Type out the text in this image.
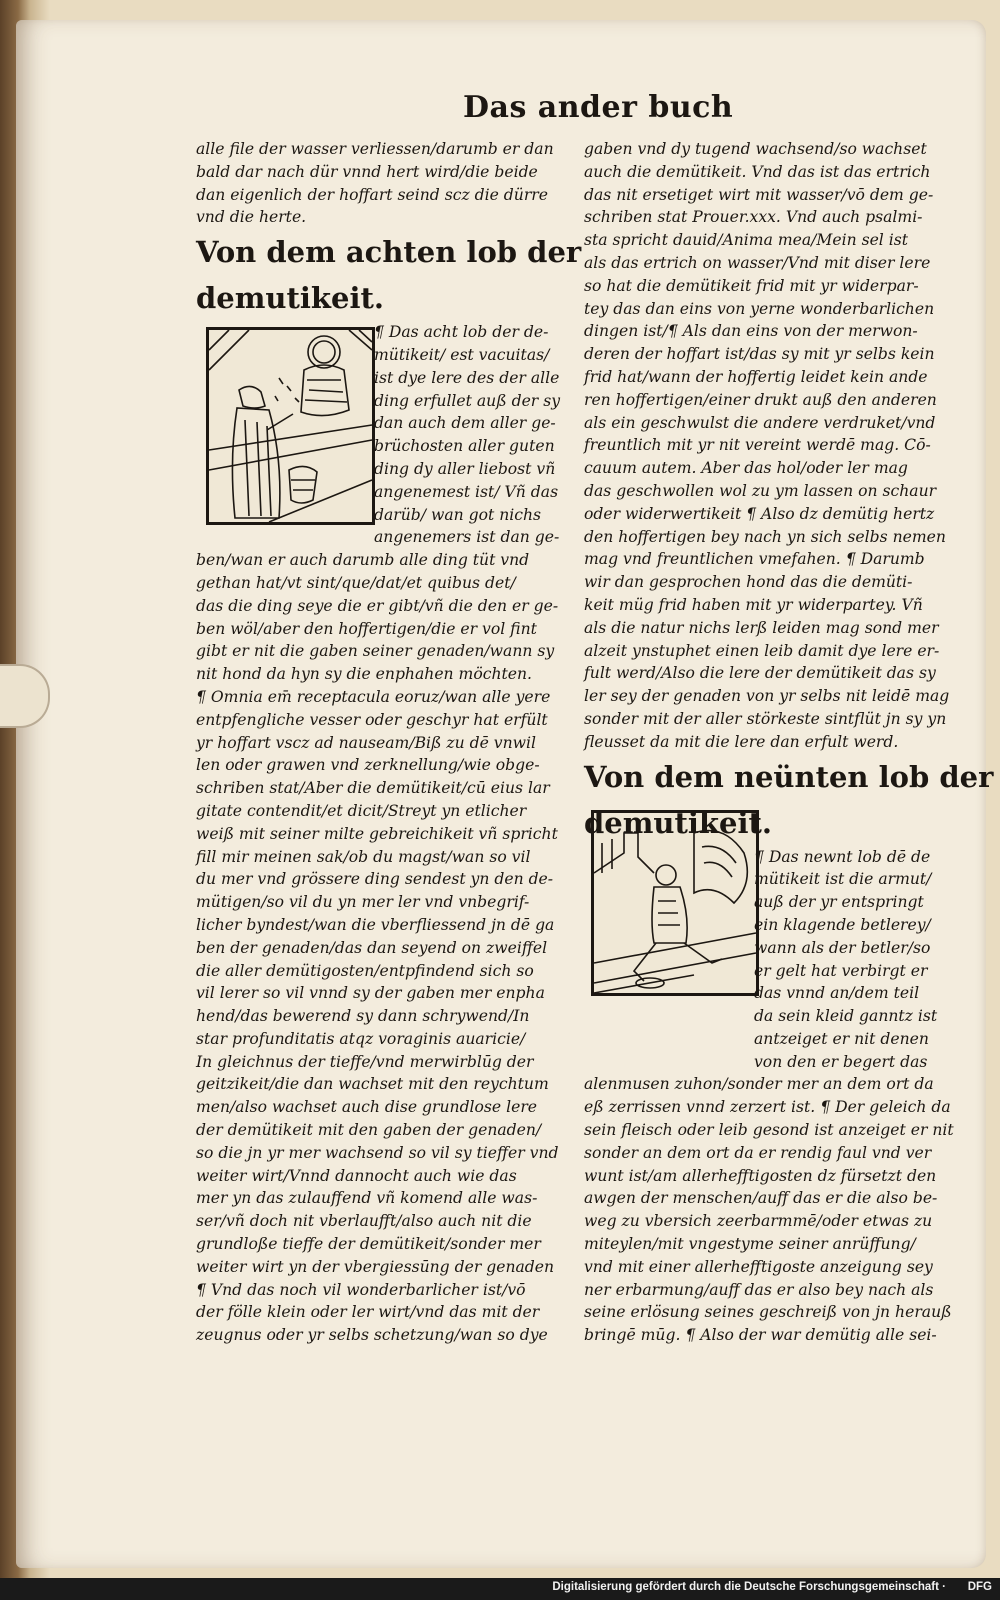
Das ander buch
alle file der wasser verliessen/darumb er dan
bald dar nach dür vnnd hert wird/die beide
dan eigenlich der hoffart seind scz die dürre
vnd die herte.
Von dem achten lob der
demutikeit.
¶ Das acht lob der de-
mütikeit/ est vacuitas/
ist dye lere des der alle
ding erfullet auß der sy
dan auch dem aller ge-
brüchosten aller guten
ding dy aller liebost vñ
angenemest ist/ Vñ das
darüb/ wan got nichs
angenemers ist dan ge-
ben/wan er auch darumb alle ding tüt vnd
gethan hat/vt sint/que/dat/et quibus det/
das die ding seye die er gibt/vñ die den er ge-
ben wöl/aber den hoffertigen/die er vol fint
gibt er nit die gaben seiner genaden/wann sy
nit hond da hyn sy die enphahen möchten.
¶ Omnia em̄ receptacula eoruz/wan alle yere
entpfengliche vesser oder geschyr hat erfült
yr hoffart vscz ad nauseam/Biß zu dē vnwil
len oder grawen vnd zerknellung/wie obge-
schriben stat/Aber die demütikeit/cū eius lar
gitate contendit/et dicit/Streyt yn etlicher
weiß mit seiner milte gebreichikeit vñ spricht
fill mir meinen sak/ob du magst/wan so vil
du mer vnd grössere ding sendest yn den de-
mütigen/so vil du yn mer ler vnd vnbegrif-
licher byndest/wan die vberfliessend jn dē ga
ben der genaden/das dan seyend on zweiffel
die aller demütigosten/entpfindend sich so
vil lerer so vil vnnd sy der gaben mer enpha
hend/das bewerend sy dann schrywend/In
star profunditatis atqz voraginis auaricie/
In gleichnus der tieffe/vnd merwirblūg der
geitzikeit/die dan wachset mit den reychtum
men/also wachset auch dise grundlose lere
der demütikeit mit den gaben der genaden/
so die jn yr mer wachsend so vil sy tieffer vnd
weiter wirt/Vnnd dannocht auch wie das
mer yn das zulauffend vñ komend alle was-
ser/vñ doch nit vberlaufft/also auch nit die
grundloße tieffe der demütikeit/sonder mer
weiter wirt yn der vbergiessūng der genaden
¶ Vnd das noch vil wonderbarlicher ist/vō
der fölle klein oder ler wirt/vnd das mit der
zeugnus oder yr selbs schetzung/wan so dye
gaben vnd dy tugend wachsend/so wachset
auch die demütikeit. Vnd das ist das ertrich
das nit ersetiget wirt mit wasser/vō dem ge-
schriben stat Prouer.xxx. Vnd auch psalmi-
sta spricht dauid/Anima mea/Mein sel ist
als das ertrich on wasser/Vnd mit diser lere
so hat die demütikeit frid mit yr widerpar-
tey das dan eins von yerne wonderbarlichen
dingen ist/¶ Als dan eins von der merwon-
deren der hoffart ist/das sy mit yr selbs kein
frid hat/wann der hoffertig leidet kein ande
ren hoffertigen/einer drukt auß den anderen
als ein geschwulst die andere verdruket/vnd
freuntlich mit yr nit vereint werdē mag. Cō-
cauum autem. Aber das hol/oder ler mag
das geschwollen wol zu ym lassen on schaur
oder widerwertikeit ¶ Also dz demütig hertz
den hoffertigen bey nach yn sich selbs nemen
mag vnd freuntlichen vmefahen. ¶ Darumb
wir dan gesprochen hond das die demüti-
keit müg frid haben mit yr widerpartey. Vñ
als die natur nichs lerß leiden mag sond mer
alzeit ynstuphet einen leib damit dye lere er-
fult werd/Also die lere der demütikeit das sy
ler sey der genaden von yr selbs nit leidē mag
sonder mit der aller störkeste sintflüt jn sy yn
fleusset da mit die lere dan erfult werd.
Von dem neünten lob der
demutikeit.
¶ Das newnt lob dē de
mütikeit ist die armut/
auß der yr entspringt
ein klagende betlerey/
wann als der betler/so
er gelt hat verbirgt er
das vnnd an/dem teil
da sein kleid ganntz ist
antzeiget er nit denen
von den er begert das
alenmusen zuhon/sonder mer an dem ort da
eß zerrissen vnnd zerzert ist. ¶ Der geleich da
sein fleisch oder leib gesond ist anzeiget er nit
sonder an dem ort da er rendig faul vnd ver
wunt ist/am allerhefftigosten dz fürsetzt den
awgen der menschen/auff das er die also be-
weg zu vbersich zeerbarmmē/oder etwas zu
miteylen/mit vngestyme seiner anrüffung/
vnd mit einer allerhefftigoste anzeigung sey
ner erbarmung/auff das er also bey nach als
seine erlösung seines geschreiß von jn herauß
bringē mūg. ¶ Also der war demütig alle sei-
Digitalisierung gefördert durch die Deutsche Forschungsgemeinschaft · DFG
